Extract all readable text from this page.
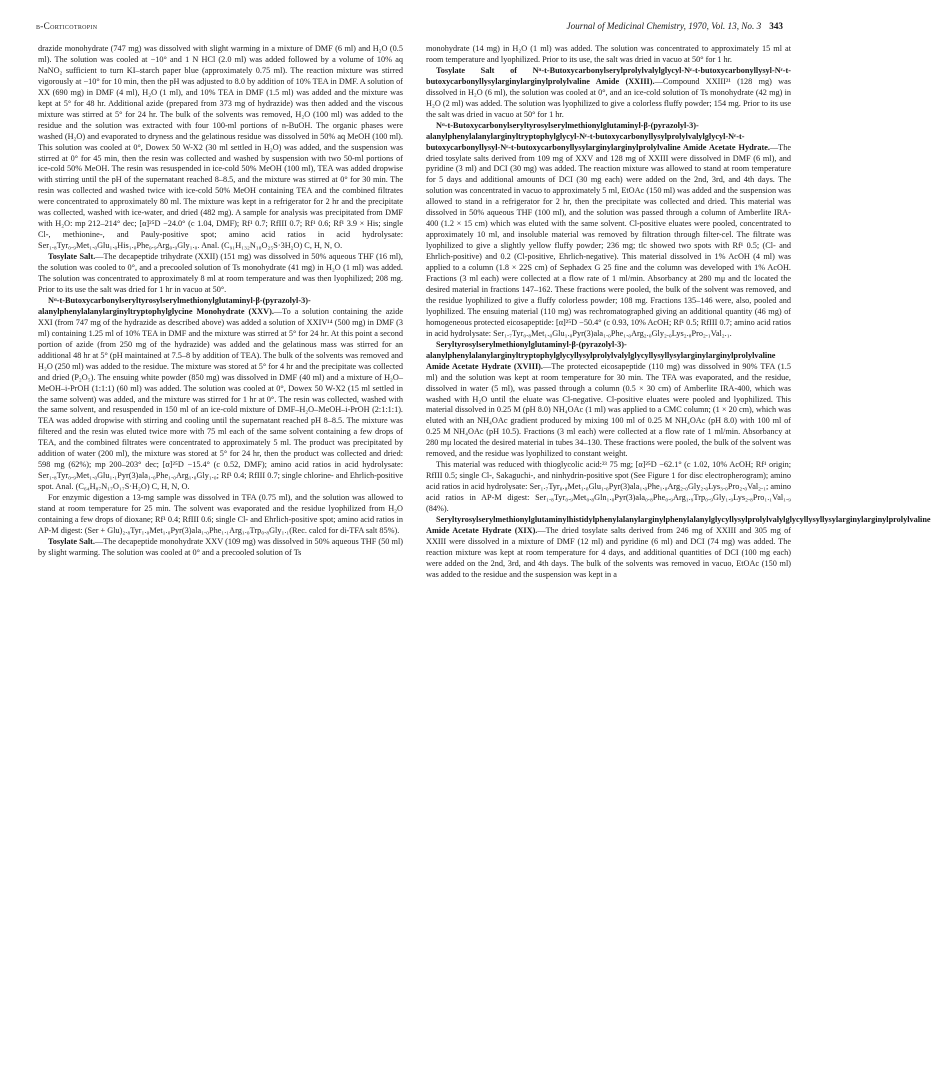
β-Corticotropin	Journal of Medicinal Chemistry, 1970, Vol. 13, No. 3 343

drazide monohydrate (747 mg) was dissolved with slight warming in a mixture of DMF (6 ml) and H₂O (0.5 ml). The solution was cooled at −10° and 1 N HCl (2.0 ml) was added followed by a volume of 10% aq NaNO₂ sufficient to turn KI–starch paper blue (approximately 0.75 ml). The reaction mixture was stirred vigorously at −10° for 10 min, then the pH was adjusted to 8.0 by addition of 10% TEA in DMF. A solution of XX (690 mg) in DMF (4 ml), H₂O (1 ml), and 10% TEA in DMF (1.5 ml) was added and the mixture was kept at 5° for 48 hr. Additional azide (prepared from 373 mg of hydrazide) was then added and the viscous mixture was stirred at 5° for 24 hr. The bulk of the solvents was removed, H₂O (100 ml) was added to the residue and the solution was extracted with four 100-ml portions of n-BuOH. The organic phases were washed (H₂O) and evaporated to dryness and the gelatinous residue was dissolved in 50% aq MeOH (100 ml). This solution was cooled at 0°, Dowex 50 W-X2 (30 ml settled in H₂O) was added, and the suspension was stirred at 0° for 45 min, then the resin was collected and washed by suspension with two 50-ml portions of ice-cold 50% MeOH. The resin was resuspended in ice-cold 50% MeOH (100 ml), TEA was added dropwise with stirring until the pH of the supernatant reached 8–8.5, and the mixture was stirred at 0° for 30 min. The resin was collected and washed twice with ice-cold 50% MeOH containing TEA and the combined filtrates were concentrated to approximately 80 ml. The mixture was kept in a refrigerator for 2 hr and the precipitate was collected, washed with ice-water, and dried (482 mg). A sample for analysis was precipitated from DMF with H₂O: mp 212–214° dec; [α]²⁵D −24.0° (c 1.04, DMF); Rf¹ 0.7; RfIII 0.7; Rf¹ 0.6; Rf¹ 3.9 × His; single Cl-, methionine-, and Pauly-positive spot; amino acid ratios in acid hydrolysate: Ser₁.₈Tyr₀.₉Met₁.₀Glu₁.₀His₁.₀Phe₀.₉Arg₀.₉Gly₁.₀. Anal. (C₉₁H₁₃₂N₁₈O₂₅S·3H₂O) C, H, N, O.

Tosylate Salt.—The decapeptide trihydrate (XXII) (151 mg) was dissolved in 50% aqueous THF (16 ml), the solution was cooled to 0°, and a precooled solution of Ts monohydrate (41 mg) in H₂O (1 ml) was added. The solution was concentrated to approximately 8 ml at room temperature and was then lyophilized; 208 mg. Prior to its use the salt was dried for 1 hr in vacuo at 50°.

Nᵅ-t-Butoxycarbonylseryltyrosylserylmethionylglutaminyl-β-(pyrazolyl-3)-alanylphenylalanylarginyltryptophylglycine Monohydrate (XXV).—To a solution containing the azide XXI (from 747 mg of the hydrazide as described above) was added a solution of XXIV¹⁴ (500 mg) in DMF (3 ml) containing 1.25 ml of 10% TEA in DMF and the mixture was stirred at 5° for 24 hr. At this point a second portion of azide (from 250 mg of the hydrazide) was added and the gelatinous mass was stirred for an additional 48 hr at 5° (pH maintained at 7.5–8 by addition of TEA). The bulk of the solvents was removed and H₂O (250 ml) was added to the residue. The mixture was stored at 5° for 4 hr and the precipitate was collected and dried (P₂O₅). The ensuing white powder (850 mg) was dissolved in DMF (40 ml) and a mixture of H₂O–MeOH–i-PrOH (1:1:1) (60 ml) was added. The solution was cooled at 0°, Dowex 50 W-X2 (15 ml settled in the same solvent) was added, and the mixture was stirred for 1 hr at 0°. The resin was collected, washed with the same solvent, and resuspended in 150 ml of an ice-cold mixture of DMF–H₂O–MeOH–i-PrOH (2:1:1:1). TEA was added dropwise with stirring and cooling until the supernatant reached pH 8–8.5. The mixture was filtered and the resin was eluted twice more with 75 ml each of the same solvent containing a few drops of TEA, and the combined filtrates were concentrated to approximately 5 ml. The product was precipitated by addition of water (200 ml), the mixture was stored at 5° for 24 hr, then the product was collected and dried: 598 mg (62%); mp 200–203° dec; [α]²⁵D −15.4° (c 0.52, DMF); amino acid ratios in acid hydrolysate: Ser₁.₈Tyr₀.₉Met₁.₀Glu₁.₁Pyr(3)ala₁.₀Phe₁.₀Arg₁.₀Gly₁.₀; Rf¹ 0.4; RfIII 0.7; single chlorine- and Ehrlich-positive spot. Anal. (C₆₄H₈₇N₁₇O₁₇S·H₂O) C, H, N, O.

For enzymic digestion a 13-mg sample was dissolved in TFA (0.75 ml), and the solution was allowed to stand at room temperature for 25 min. The solvent was evaporated and the residue lyophilized from H₂O containing a few drops of dioxane; Rf¹ 0.4; RfIII 0.6; single Cl- and Ehrlich-positive spot; amino acid ratios in AP-M digest: (Ser + Glu)₂.₈Tyr₁.₀Met₁.₀Pyr(3)ala₁.₀Phe₁.₁Arg₁.₀Trp₀.₈Gly₁.₁(Rec. calcd for di-TFA salt 85%).

Tosylate Salt.—The decapeptide monohydrate XXV (109 mg) was dissolved in 50% aqueous THF (50 ml) by slight warming. The solution was cooled at 0° and a precooled solution of Ts

monohydrate (14 mg) in H₂O (1 ml) was added. The solution was concentrated to approximately 15 ml at room temperature and lyophilized. Prior to its use, the salt was dried in vacuo at 50° for 1 hr.

Tosylate Salt of Nᵅ-t-Butoxycarbonylserylprolylvalylglycyl-Nᵋ-t-butoxycarbonyllysyl-Nᵋ-t-butoxycarbonyllysylarginylarginylprolylvaline Amide (XXIII).—Compound XXIII²¹ (128 mg) was dissolved in H₂O (6 ml), the solution was cooled at 0°, and an ice-cold solution of Ts monohydrate (42 mg) in H₂O (2 ml) was added. The solution was lyophilized to give a colorless fluffy powder; 154 mg. Prior to its use the salt was dried in vacuo at 50° for 1 hr.

Nᵅ-t-Butoxycarbonylseryltyrosylserylmethionylglutaminyl-β-(pyrazolyl-3)-alanylphenylalanylarginyltryptophylglycyl-Nᵋ-t-butoxycarbonyllysylprolylvalylglycyl-Nᵋ-t-butoxycarbonyllysyl-Nᵋ-t-butoxycarbonyllysylarginylarginylprolylvaline Amide Acetate Hydrate.—The dried tosylate salts derived from 109 mg of XXV and 128 mg of XXIII were dissolved in DMF (6 ml), and pyridine (3 ml) and DCI (30 mg) was added. The reaction mixture was allowed to stand at room temperature for 5 days and additional amounts of DCI (30 mg each) were added on the 2nd, 3rd, and 4th days. The solution was concentrated in vacuo to approximately 5 ml, EtOAc (150 ml) was added and the suspension was allowed to stand in a refrigerator for 2 hr, then the precipitate was collected and dried. This material was dissolved in 50% aqueous THF (100 ml), and the solution was passed through a column of Amberlite IRA-400 (1.2 × 15 cm) which was eluted with the same solvent. Cl-positive eluates were pooled, concentrated to approximately 10 ml, and insoluble material was removed by filtration through filter-cel. The filtrate was lyophilized to give a slightly yellow fluffy powder; 236 mg; tlc showed two spots with Rf¹ 0.5; (Cl- and Ehrlich-positive) and 0.2 (Cl-positive, Ehrlich-negative). This material dissolved in 1% AcOH (4 ml) was applied to a column (1.8 × 22S cm) of Sephadex G 25 fine and the column was developed with 1% AcOH. Fractions (3 ml each) were collected at a flow rate of 1 ml/min. Absorbancy at 280 mμ and tlc located the desired material in fractions 147–162. These fractions were pooled, the bulk of the solvent was removed, and the residue lyophilized to give a fluffy colorless powder; 108 mg. Fractions 135–146 were, also, pooled and lyophilized. The ensuing material (110 mg) was rechromatographed giving an additional quantity (46 mg) of homogeneous protected eicosapeptide: [α]²⁵D −50.4° (c 0.93, 10% AcOH; Rf¹ 0.5; RfIII 0.7; amino acid ratios in acid hydrolysate: Ser₁.₇Tyr₀.₈Met₁.₀Glu₁.₀Pyr(3)ala₁.₀Phe₁.₀Arg₂.₀Gly₂.₀Lys₂.₈Pro₂.₁Val₂.₁.

Seryltyrosylserylmethionylglutaminyl-β-(pyrazolyl-3)-alanylphenylalanylarginyltryptophylglycyllysylprolylvalylglycyllysyllysylarginylarginylprolylvaline Amide Acetate Hydrate (XVIII).—The protected eicosapeptide (110 mg) was dissolved in 90% TFA (1.5 ml) and the solution was kept at room temperature for 30 min. The TFA was evaporated, and the residue, dissolved in water (5 ml), was passed through a column (0.5 × 30 cm) of Amberlite IRA-400, which was washed with H₂O until the eluate was Cl-negative. Cl-positive eluates were pooled and lyophilized. This material dissolved in 0.25 M (pH 8.0) NH₄OAc (1 ml) was applied to a CMC column; (1 × 20 cm), which was eluted with an NH₄OAc gradient produced by mixing 100 ml of 0.25 M NH₄OAc (pH 8.0) with 100 ml of 0.25 M NH₄OAc (pH 10.5). Fractions (3 ml each) were collected at a flow rate of 1 ml/min. Absorbancy at 280 mμ located the desired material in tubes 34–130. These fractions were pooled, the bulk of the solvent was removed, and the residue was lyophilized to constant weight.

This material was reduced with thioglycolic acid:²³ 75 mg; [α]²⁵D −62.1° (c 1.02, 10% AcOH; Rf¹ origin; RfIII 0.5; single Cl-, Sakaguchi-, and ninhydrin-positive spot (See Figure 1 for disc electropherogram); amino acid ratios in acid hydrolysate: Ser₁.₇Tyr₀.₈Met₁.₀Glu₁.₀Pyr(3)ala₁.₀Phe₁.₀Arg₂.₀Gly₂.₀Lys₃.₀Pro₂.₀Val₂.₁; amino acid ratios in AP-M digest: Ser₁.₈Tyr₀.₉Met₀.₈Gln₁.₀Pyr(3)ala₀.₈Phe₀.₉Arg₁.₉Trp₀.₉Gly₁.₉Lys₂.₈Pro₁.₁Val₁.₉ (84%).

Seryltyrosylserylmethionylglutaminylhistidylphenylalanylarginylphenylalanylglycyllysylprolylvalylglycyllysyllysylarginylarginylprolylvaline Amide Acetate Hydrate (XIX).—The dried tosylate salts derived from 246 mg of XXIII and 305 mg of XXIII were dissolved in a mixture of DMF (12 ml) and pyridine (6 ml) and DCI (74 mg) was added. The reaction mixture was kept at room temperature for 4 days, and additional quantities of DCI (100 mg each) were added on the 2nd, 3rd, and 4th days. The bulk of the solvents was removed in vacuo, EtOAc (150 ml) was added to the residue and the suspension was kept in a
